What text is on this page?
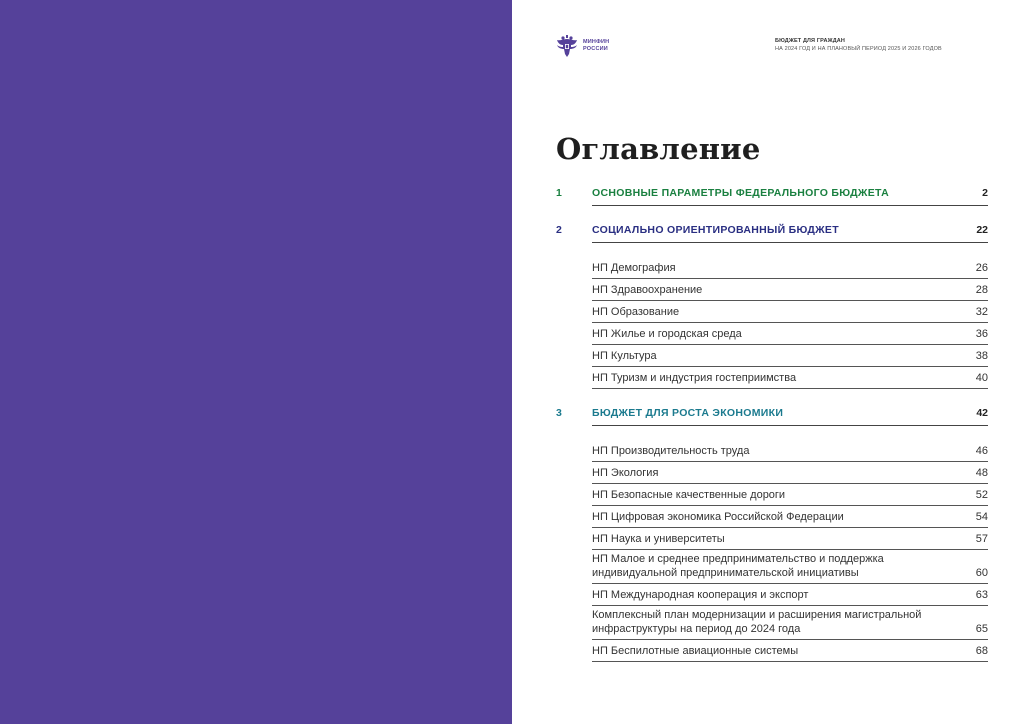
МИНФИН
РОССИИ
БЮДЖЕТ ДЛЯ ГРАЖДАН
НА 2024 ГОД И НА ПЛАНОВЫЙ ПЕРИОД 2025 И 2026 ГОДОВ
Оглавление
1	ОСНОВНЫЕ ПАРАМЕТРЫ ФЕДЕРАЛЬНОГО БЮДЖЕТА	2
2	СОЦИАЛЬНО ОРИЕНТИРОВАННЫЙ БЮДЖЕТ	22
НП Демография	26
НП Здравоохранение	28
НП Образование	32
НП Жилье и городская среда	36
НП Культура	38
НП Туризм и индустрия гостеприимства	40
3	БЮДЖЕТ ДЛЯ РОСТА ЭКОНОМИКИ	42
НП Производительность труда	46
НП Экология	48
НП Безопасные качественные дороги	52
НП Цифровая экономика Российской Федерации	54
НП Наука и университеты	57
НП Малое и среднее предпринимательство и поддержка индивидуальной предпринимательской инициативы	60
НП Международная кооперация и экспорт	63
Комплексный план модернизации и расширения магистральной инфраструктуры на период до 2024 года	65
НП Беспилотные авиационные системы	68
